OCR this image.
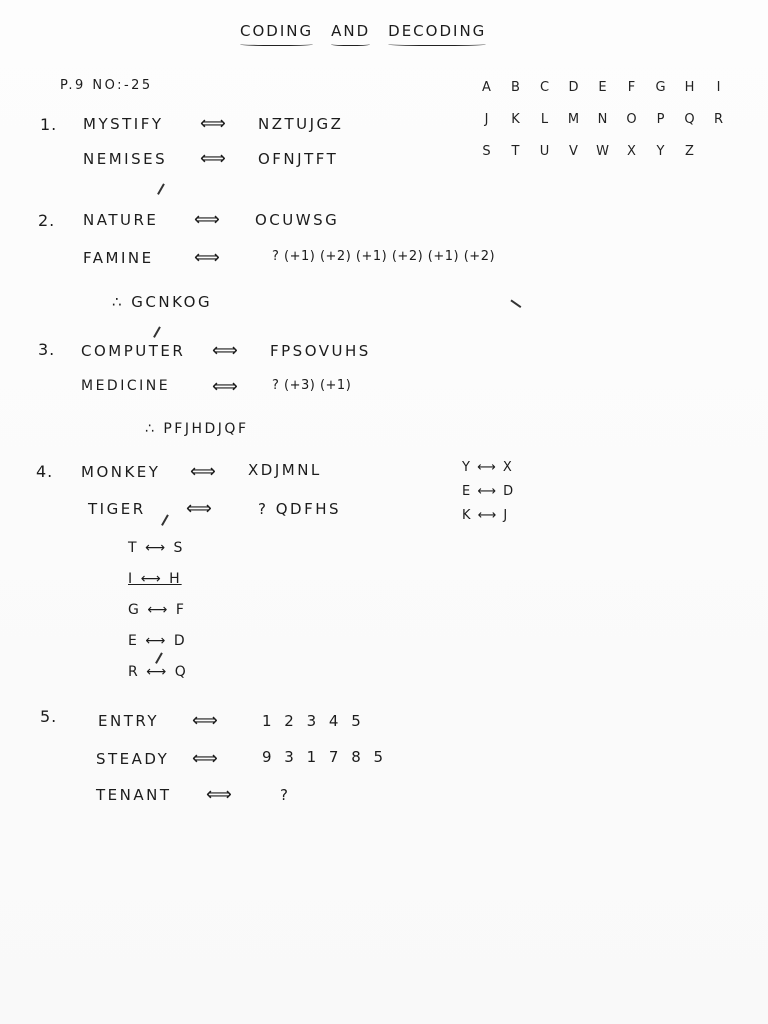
CODING AND DECODING
P.9 NO:-25	A	B	C	D	E	F	G	H	I
J	K	L	M	N	O	P	Q	R
S	T	U	V	W	X	Y	Z
1. MYSTIFY ⟺ NZTUJGZ
NEMISES ⟺ OFNJTFT
2. NATURE ⟺ OCUWSG
FAMINE ⟺	? (+1) (+2) (+1) (+2) (+1) (+2)
∴ GCNKOG
3. COMPUTER ⟺ FPSOVUHS
MEDICINE ⟺ ? (+3) (+1)
∴ PFJHDJQF
4. MONKEY ⟺ XDJMNL
TIGER ⟺	? QDFHS
Y ⟷ X
E ⟷ D
K ⟷ J
T ⟷ S
I ⟷ H
G ⟷ F
E ⟷ D
R ⟷ Q
5.	ENTRY ⟺	1 2 3 4 5
STEADY ⟺	9 3 1 7 8 5
TENANT ⟺	?
